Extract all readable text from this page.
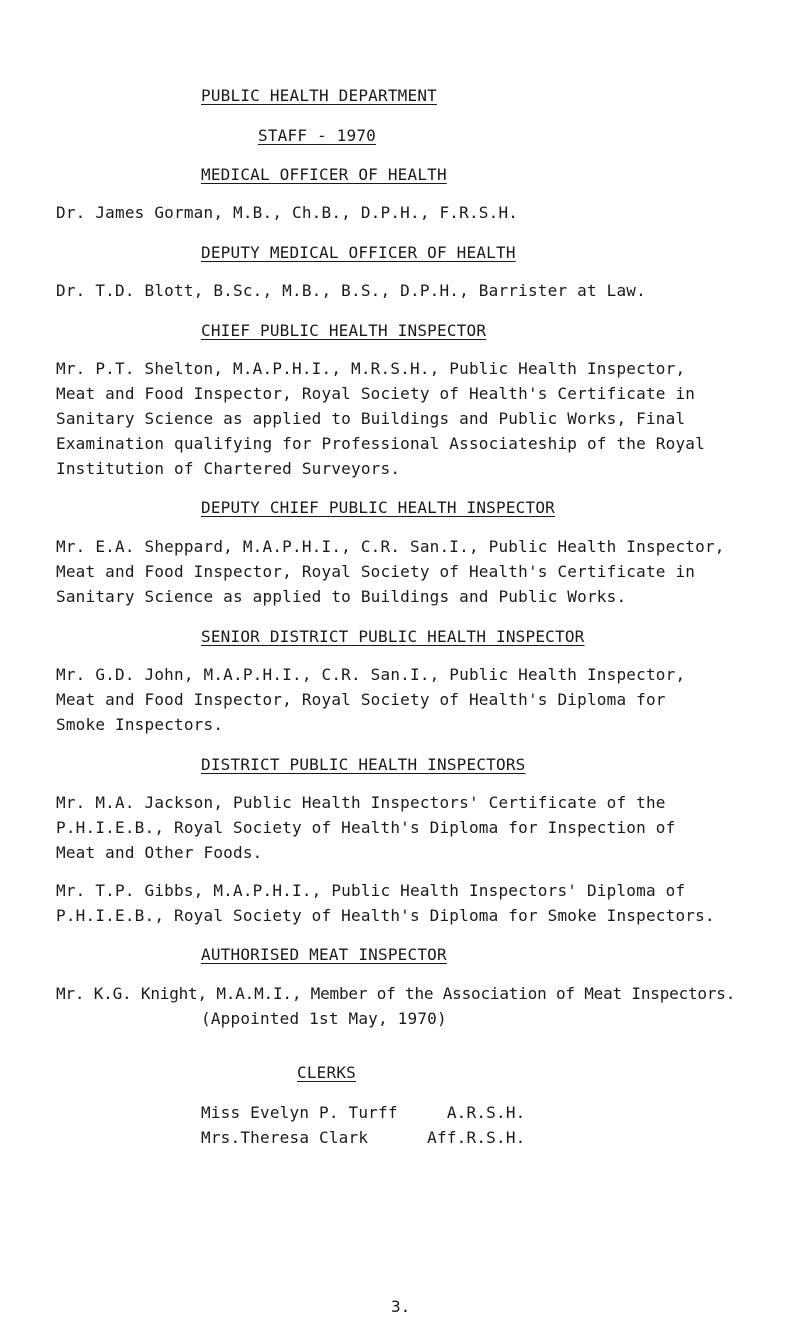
PUBLIC HEALTH DEPARTMENT
STAFF - 1970
MEDICAL OFFICER OF HEALTH
Dr. James Gorman, M.B., Ch.B., D.P.H., F.R.S.H.
DEPUTY MEDICAL OFFICER OF HEALTH
Dr. T.D. Blott, B.Sc., M.B., B.S., D.P.H., Barrister at Law.
CHIEF PUBLIC HEALTH INSPECTOR
Mr. P.T. Shelton, M.A.P.H.I., M.R.S.H., Public Health Inspector,
Meat and Food Inspector, Royal Society of Health's Certificate in
Sanitary Science as applied to Buildings and Public Works, Final
Examination qualifying for Professional Associateship of the Royal
Institution of Chartered Surveyors.
DEPUTY CHIEF PUBLIC HEALTH INSPECTOR
Mr. E.A. Sheppard, M.A.P.H.I., C.R. San.I., Public Health Inspector,
Meat and Food Inspector, Royal Society of Health's Certificate in
Sanitary Science as applied to Buildings and Public Works.
SENIOR DISTRICT PUBLIC HEALTH INSPECTOR
Mr. G.D. John, M.A.P.H.I., C.R. San.I., Public Health Inspector,
Meat and Food Inspector, Royal Society of Health's Diploma for
Smoke Inspectors.
DISTRICT PUBLIC HEALTH INSPECTORS
Mr. M.A. Jackson, Public Health Inspectors' Certificate of the
P.H.I.E.B., Royal Society of Health's Diploma for Inspection of
Meat and Other Foods.
Mr. T.P. Gibbs, M.A.P.H.I., Public Health Inspectors' Diploma of
P.H.I.E.B., Royal Society of Health's Diploma for Smoke Inspectors.
AUTHORISED MEAT INSPECTOR
Mr. K.G. Knight, M.A.M.I., Member of the Association of Meat Inspectors.
(Appointed 1st May, 1970)
CLERKS
Miss Evelyn P. Turff     A.R.S.H.
Mrs.Theresa Clark      Aff.R.S.H.
3.
